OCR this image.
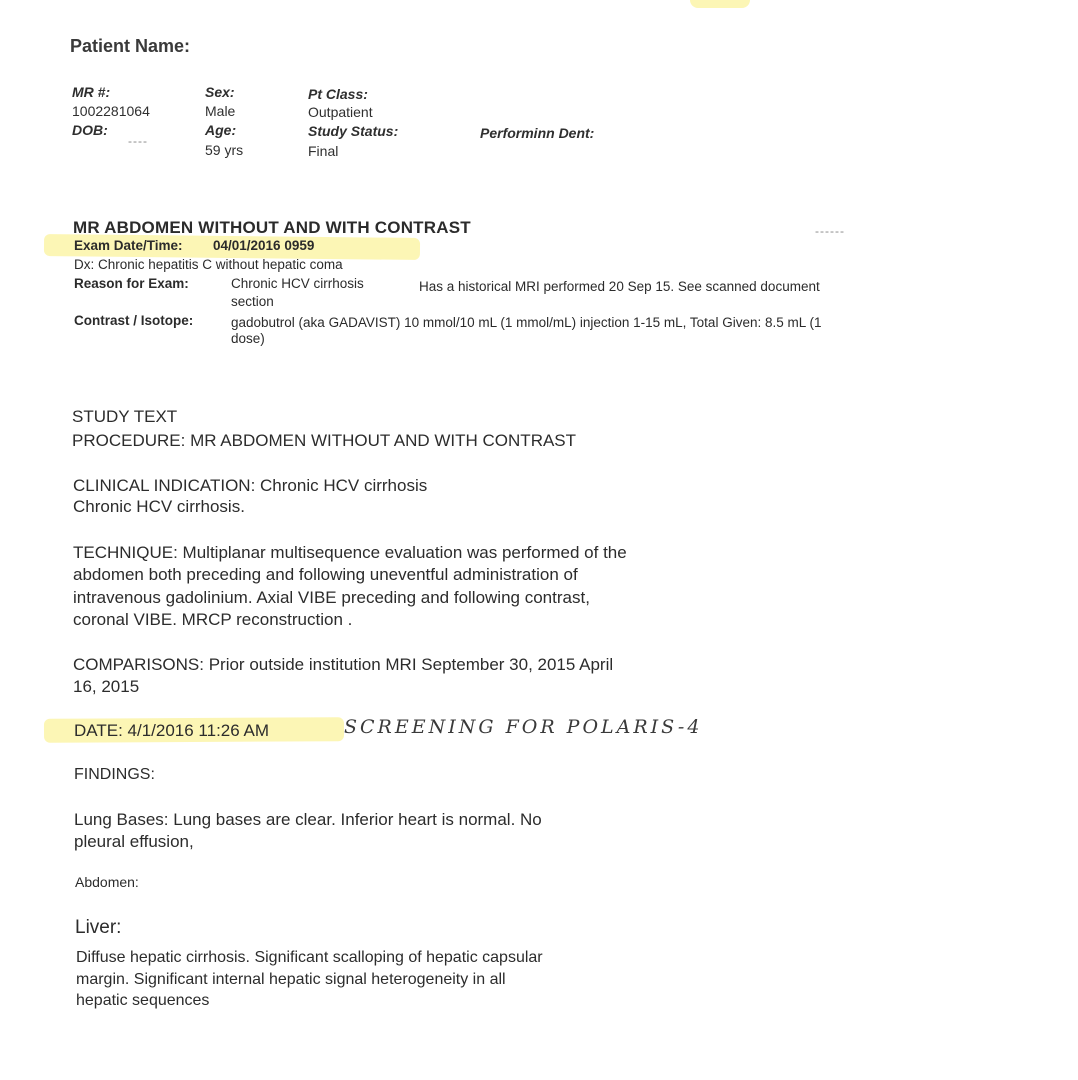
Patient Name:
MR #:
1002281064
DOB:
----
Sex:
Male
Age:
59 yrs
Pt Class:
Outpatient
Study Status:
Final
Performinn Dent:
------
MR ABDOMEN WITHOUT AND WITH CONTRAST
Exam Date/Time: 04/01/2016 0959
Dx: Chronic hepatitis C without hepatic coma
Reason for Exam:	Chronic HCV cirrhosis	Has a historical MRI performed 20 Sep 15. See scanned document
section
Contrast / Isotope:	gadobutrol (aka GADAVIST) 10 mmol/10 mL (1 mmol/mL) injection 1-15 mL, Total Given: 8.5 mL (1
dose)
STUDY TEXT
PROCEDURE: MR ABDOMEN WITHOUT AND WITH CONTRAST
CLINICAL INDICATION: Chronic HCV cirrhosis
Chronic HCV cirrhosis.
TECHNIQUE: Multiplanar multisequence evaluation was performed of the
abdomen both preceding and following uneventful administration of
intravenous gadolinium. Axial VIBE preceding and following contrast,
coronal VIBE. MRCP reconstruction .
COMPARISONS: Prior outside institution MRI September 30, 2015 April
16, 2015
DATE: 4/1/2016 11:26 AM	SCREENING FOR POLARIS-4
FINDINGS:
Lung Bases: Lung bases are clear. Inferior heart is normal. No
pleural effusion,
Abdomen:
Liver:
Diffuse hepatic cirrhosis. Significant scalloping of hepatic capsular
margin. Significant internal hepatic signal heterogeneity in all
hepatic sequences
